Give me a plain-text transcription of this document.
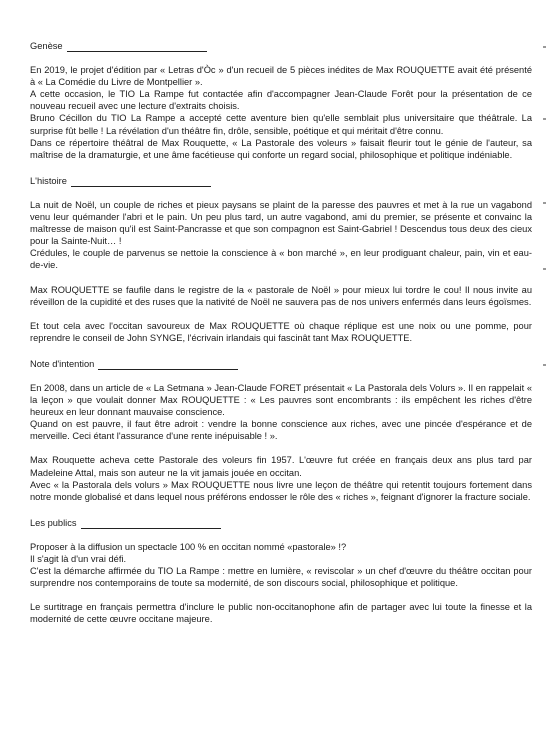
Genèse

En 2019, le projet d'édition par « Letras d'Òc » d'un recueil de 5 pièces inédites de Max ROUQUETTE avait été présenté à « La Comédie du Livre de Montpellier ».

A cette occasion, le TIO La Rampe fut contactée afin d'accompagner Jean-Claude Forêt pour la présentation de ce nouveau recueil avec une lecture d'extraits choisis.

Bruno Cécillon du TIO La Rampe a accepté cette aventure bien qu'elle semblait plus universitaire que théâtrale. La surprise fût belle ! La révélation d'un théâtre fin, drôle, sensible, poétique et qui méritait d'être connu.

Dans ce répertoire théâtral de Max Rouquette, « La Pastorale des voleurs » faisait fleurir tout le génie de l'auteur, sa maîtrise de la dramaturgie, et une âme facétieuse qui conforte un regard social, philosophique et politique indéniable.

L'histoire

La nuit de Noël, un couple de riches et pieux paysans se plaint de la paresse des pauvres et met à la rue un vagabond venu leur quémander l'abri et le pain. Un peu plus tard, un autre vagabond, ami du premier, se présente et convainc la maîtresse de maison qu'il est Saint-Pancrasse et que son compagnon est Saint-Gabriel ! Descendus tous deux des cieux pour la Sainte-Nuit… !

Crédules, le couple de parvenus se nettoie la conscience à « bon marché », en leur prodiguant chaleur, pain, vin et eau-de-vie.

Max ROUQUETTE se faufile dans le registre de la « pastorale de Noël » pour mieux lui tordre le cou! Il nous invite au réveillon de la cupidité et des ruses que la nativité de Noël ne sauvera pas de nos univers enfermés dans leurs égoïsmes.

Et tout cela avec l'occitan savoureux de Max ROUQUETTE où chaque réplique est une noix ou une pomme, pour reprendre le conseil de John SYNGE, l'écrivain irlandais qui fascinât tant Max ROUQUETTE.

Note d'intention

En 2008, dans un article de « La Setmana » Jean-Claude FORET présentait « La Pastorala dels Volurs ». Il en rappelait « la leçon » que voulait donner Max ROUQUETTE : « Les pauvres sont encombrants : ils empêchent les riches d'être heureux en leur donnant mauvaise conscience.

Quand on est pauvre, il faut être adroit : vendre la bonne conscience aux riches, avec une pincée d'espérance et de merveille. Ceci étant l'assurance d'une rente inépuisable ! ».

Max Rouquette acheva cette Pastorale des voleurs fin 1957. L'œuvre fut créée en français deux ans plus tard par Madeleine Attal, mais son auteur ne la vit jamais jouée en occitan.

Avec « la Pastorala dels volurs » Max ROUQUETTE nous livre une leçon de théâtre qui retentit toujours fortement dans notre monde globalisé et dans lequel nous préférons endosser le rôle des « riches », feignant d'ignorer la fracture sociale.

Les publics

Proposer à la diffusion un spectacle 100 % en occitan nommé «pastorale» !?

Il s'agit là d'un vrai défi.

C'est la démarche affirmée du TIO La Rampe : mettre en lumière, « reviscolar » un chef d'œuvre du théâtre occitan pour surprendre nos contemporains de toute sa modernité, de son discours social, philosophique et politique.

Le surtitrage en français permettra d'inclure le public non-occitanophone afin de partager avec lui toute la finesse et la modernité de cette œuvre occitane majeure.
